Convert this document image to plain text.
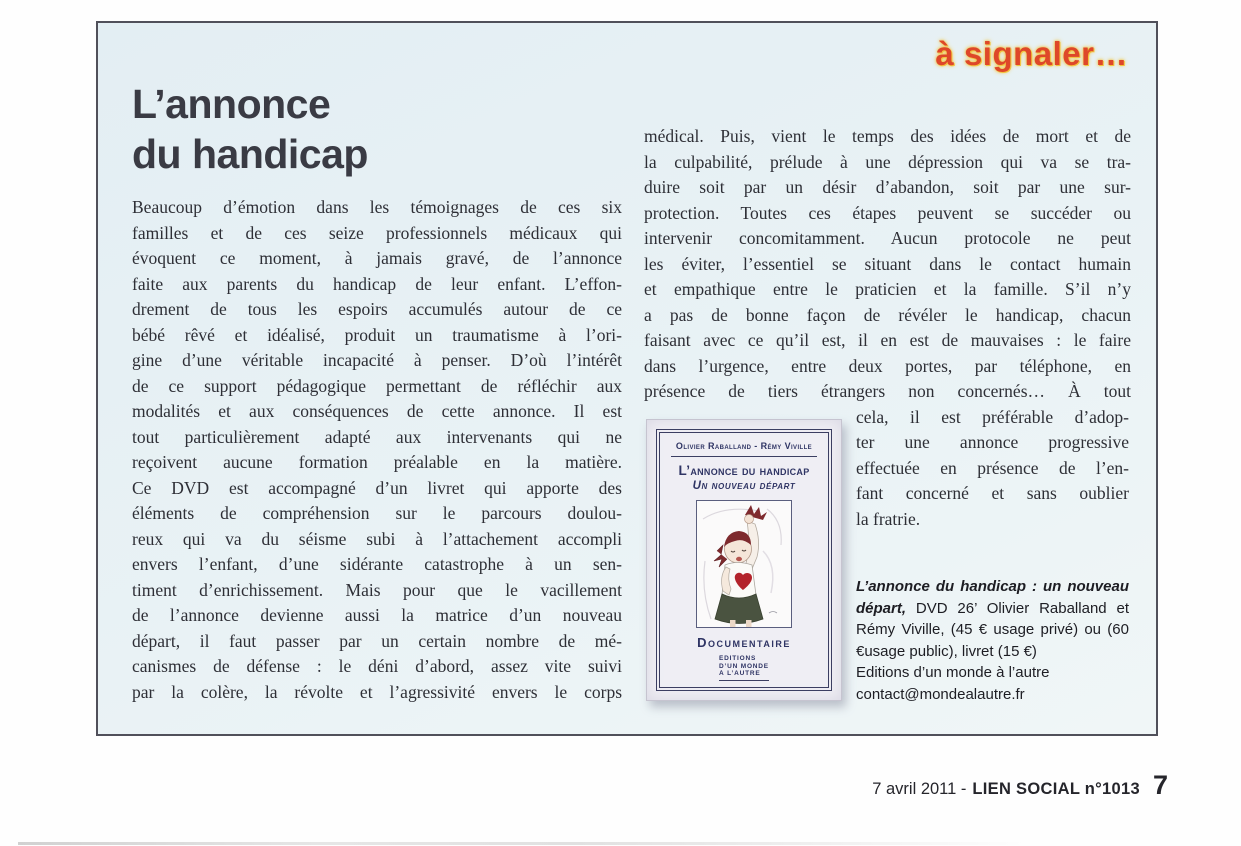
à signaler…
L’annonce
du handicap
Beaucoup d’émotion dans les témoignages de ces six
familles et de ces seize professionnels médicaux qui
évoquent ce moment, à jamais gravé, de l’annonce
faite aux parents du handicap de leur enfant. L’effon-
drement de tous les espoirs accumulés autour de ce
bébé rêvé et idéalisé, produit un traumatisme à l’ori-
gine d’une véritable incapacité à penser. D’où l’intérêt
de ce support pédagogique permettant de réfléchir aux
modalités et aux conséquences de cette annonce. Il est
tout particulièrement adapté aux intervenants qui ne
reçoivent aucune formation préalable en la matière.
Ce DVD est accompagné d’un livret qui apporte des
éléments de compréhension sur le parcours doulou-
reux qui va du séisme subi à l’attachement accompli
envers l’enfant, d’une sidérante catastrophe à un sen-
timent d’enrichissement. Mais pour que le vacillement
de l’annonce devienne aussi la matrice d’un nouveau
départ, il faut passer par un certain nombre de mé-
canismes de défense : le déni d’abord, assez vite suivi
par la colère, la révolte et l’agressivité envers le corps
médical. Puis, vient le temps des idées de mort et de
la culpabilité, prélude à une dépression qui va se tra-
duire soit par un désir d’abandon, soit par une sur-
protection. Toutes ces étapes peuvent se succéder ou
intervenir concomitamment. Aucun protocole ne peut
les éviter, l’essentiel se situant dans le contact humain
et empathique entre le praticien et la famille. S’il n’y
a pas de bonne façon de révéler le handicap, chacun
faisant avec ce qu’il est, il en est de mauvaises : le faire
dans l’urgence, entre deux portes, par téléphone, en
présence de tiers étrangers non concernés… À tout
Olivier Raballand - Rémy Viville
L’annonce du handicap
Un nouveau départ
Documentaire
ÉDITIONS
D’UN MONDE
À L’AUTRE
cela, il est préférable d’adop-
ter une annonce progressive
effectuée en présence de l’en-
fant concerné et sans oublier
la fratrie.

L’annonce du handicap : un nouveau départ, DVD 26’ Olivier Raballand et Rémy Viville, (45 € usage privé) ou (60 €usage public), livret (15 €)

Editions d’un monde à l’autre
contact@mondealautre.fr
7 avril 2011 - LIEN SOCIAL n°1013 7
